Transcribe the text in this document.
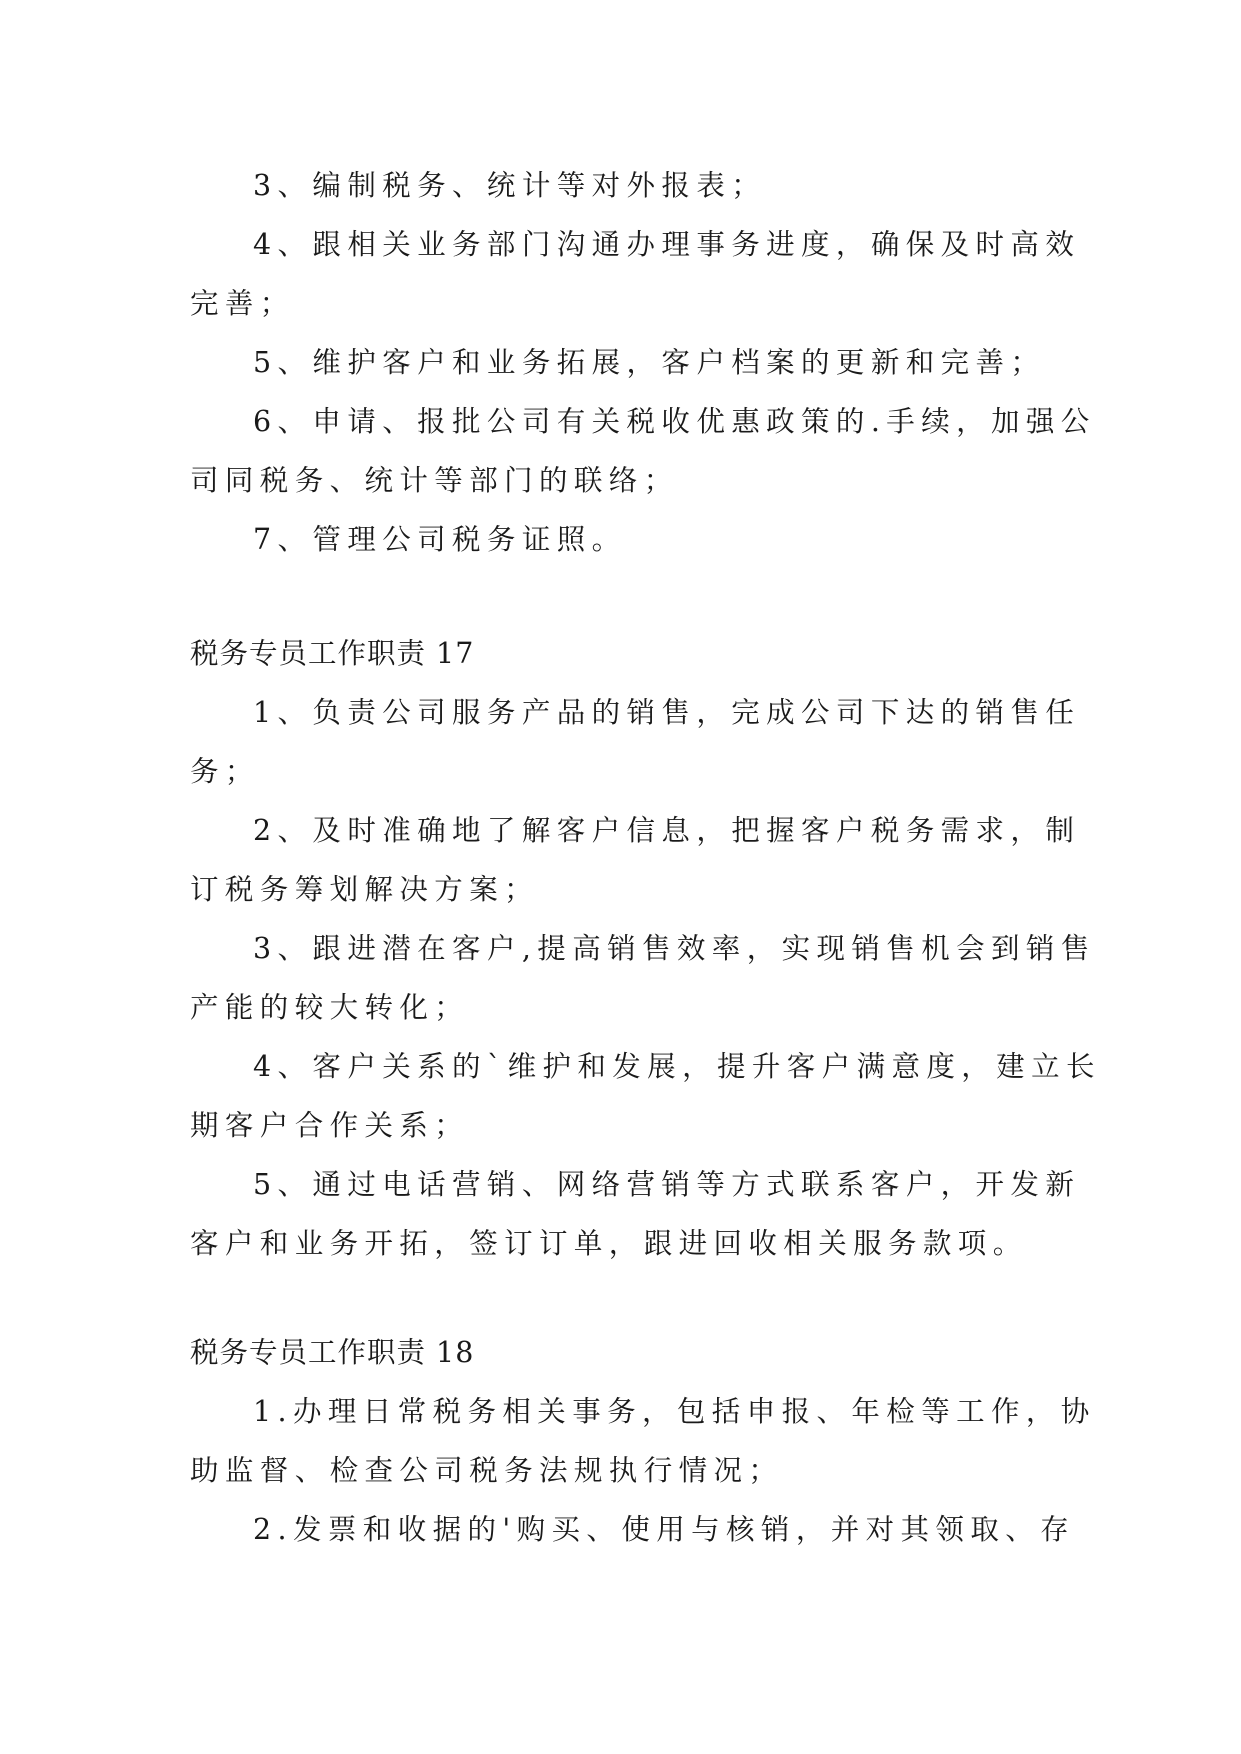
3、编制税务、统计等对外报表；
4、跟相关业务部门沟通办理事务进度，确保及时高效
完善；
5、维护客户和业务拓展，客户档案的更新和完善；
6、申请、报批公司有关税收优惠政策的.手续，加强公
司同税务、统计等部门的联络；
7、管理公司税务证照。
税务专员工作职责 17
1、负责公司服务产品的销售，完成公司下达的销售任
务；
2、及时准确地了解客户信息，把握客户税务需求，制
订税务筹划解决方案；
3、跟进潜在客户,提高销售效率，实现销售机会到销售
产能的较大转化；
4、客户关系的`维护和发展，提升客户满意度，建立长
期客户合作关系；
5、通过电话营销、网络营销等方式联系客户，开发新
客户和业务开拓，签订订单，跟进回收相关服务款项。
税务专员工作职责 18
1.办理日常税务相关事务，包括申报、年检等工作，协
助监督、检查公司税务法规执行情况；
2.发票和收据的'购买、使用与核销，并对其领取、存
